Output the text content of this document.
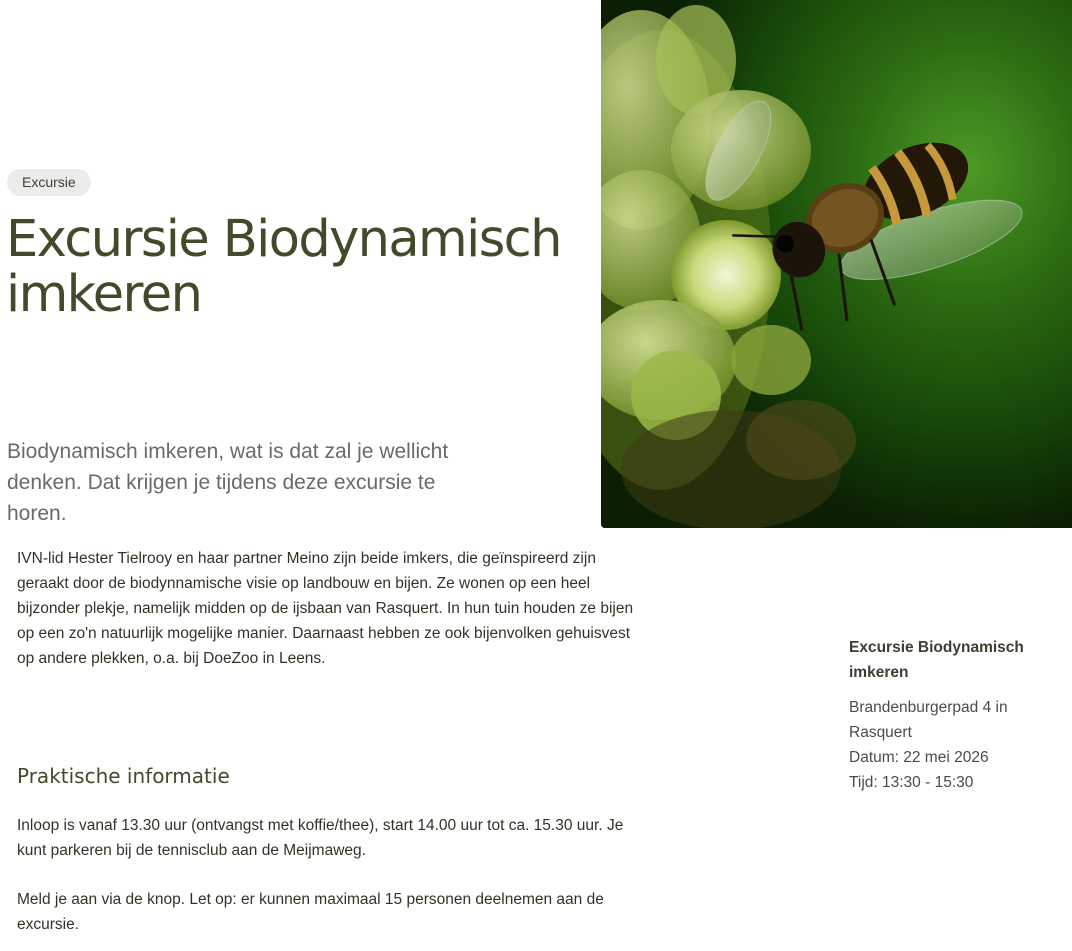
Excursie
Excursie Biodynamisch imkeren

Biodynamisch imkeren, wat is dat zal je wellicht denken. Dat krijgen je tijdens deze excursie te horen.

IVN-lid Hester Tielrooy en haar partner Meino zijn beide imkers, die geïnspireerd zijn geraakt door de biodynnamische visie op landbouw en bijen. Ze wonen op een heel bijzonder plekje, namelijk midden op de ijsbaan van Rasquert. In hun tuin houden ze bijen op een zo'n natuurlijk mogelijke manier. Daarnaast hebben ze ook bijenvolken gehuisvest op andere plekken, o.a. bij DoeZoo in Leens.

Praktische informatie

Inloop is vanaf 13.30 uur (ontvangst met koffie/thee), start 14.00 uur tot ca. 15.30 uur. Je kunt parkeren bij de tennisclub aan de Meijmaweg.

Meld je aan via de knop. Let op: er kunnen maximaal 15 personen deelnemen aan de excursie.

Excursie Biodynamisch imkeren

Brandenburgerpad 4 in Rasquert
Datum: 22 mei 2026
Tijd: 13:30 - 15:30
